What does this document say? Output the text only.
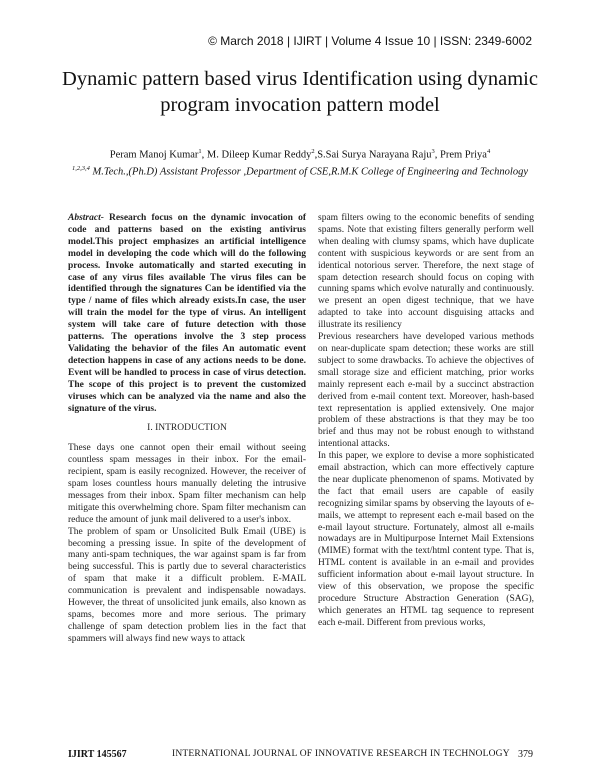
© March 2018 | IJIRT | Volume 4 Issue 10 | ISSN: 2349-6002
Dynamic pattern based virus Identification using dynamic
program invocation pattern model
Peram Manoj Kumar$^1$, M. Dileep Kumar Reddy$^2$,S.Sai Surya Narayana Raju$^3$, Prem Priya$^4$
$^{1,2,3,4}$ M.Tech.,(Ph.D) Assistant Professor ,Department of CSE,R.M.K College of Engineering and Technology

Abstract- Research focus on the dynamic invocation of code and patterns based on the existing antivirus model.This project emphasizes an artificial intelligence model in developing the code which will do the following process. Invoke automatically and started executing in case of any virus files available The virus files can be identified through the signatures Can be identified via the type / name of files which already exists.In case, the user will train the model for the type of virus. An intelligent system will take care of future detection with those patterns. The operations involve the 3 step process Validating the behavior of the files An automatic event detection happens in case of any actions needs to be done. Event will be handled to process in case of virus detection. The scope of this project is to prevent the customized viruses which can be analyzed via the name and also the signature of the virus.

I. INTRODUCTION

These days one cannot open their email without seeing countless spam messages in their inbox. For the email-recipient, spam is easily recognized. However, the receiver of spam loses countless hours manually deleting the intrusive messages from their inbox. Spam filter mechanism can help mitigate this overwhelming chore. Spam filter mechanism can reduce the amount of junk mail delivered to a user's inbox.

The problem of spam or Unsolicited Bulk Email (UBE) is becoming a pressing issue. In spite of the development of many anti-spam techniques, the war against spam is far from being successful. This is partly due to several characteristics of spam that make it a difficult problem. E-MAIL communication is prevalent and indispensable nowadays. However, the threat of unsolicited junk emails, also known as spams, becomes more and more serious. The primary challenge of spam detection problem lies in the fact that spammers will always find new ways to attack

spam filters owing to the economic benefits of sending spams. Note that existing filters generally perform well when dealing with clumsy spams, which have duplicate content with suspicious keywords or are sent from an identical notorious server. Therefore, the next stage of spam detection research should focus on coping with cunning spams which evolve naturally and continuously. we present an open digest technique, that we have adapted to take into account disguising attacks and illustrate its resiliency

Previous researchers have developed various methods on near-duplicate spam detection; these works are still subject to some drawbacks. To achieve the objectives of small storage size and efficient matching, prior works mainly represent each e-mail by a succinct abstraction derived from e-mail content text. Moreover, hash-based text representation is applied extensively. One major problem of these abstractions is that they may be too brief and thus may not be robust enough to withstand intentional attacks.

In this paper, we explore to devise a more sophisticated email abstraction, which can more effectively capture the near duplicate phenomenon of spams. Motivated by the fact that email users are capable of easily recognizing similar spams by observing the layouts of e-mails, we attempt to represent each e-mail based on the e-mail layout structure. Fortunately, almost all e-mails nowadays are in Multipurpose Internet Mail Extensions (MIME) format with the text/html content type. That is, HTML content is available in an e-mail and provides sufficient information about e-mail layout structure. In view of this observation, we propose the specific procedure Structure Abstraction Generation (SAG), which generates an HTML tag sequence to represent each e-mail. Different from previous works,

IJIRT 145567	INTERNATIONAL JOURNAL OF INNOVATIVE RESEARCH IN TECHNOLOGY 379
